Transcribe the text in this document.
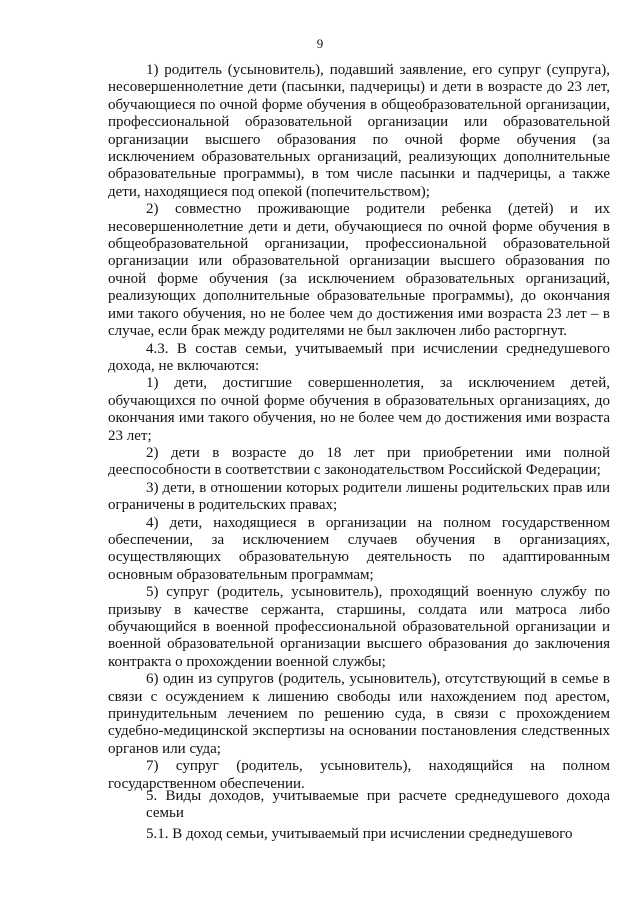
9

1) родитель (усыновитель), подавший заявление, его супруг (супруга), несовершеннолетние дети (пасынки, падчерицы) и дети в возрасте до 23 лет, обучающиеся по очной форме обучения в общеобразовательной организации, профессиональной образовательной организации или образовательной организации высшего образования по очной форме обучения (за исключением образовательных организаций, реализующих дополнительные образовательные программы), в том числе пасынки и падчерицы, а также дети, находящиеся под опекой (попечительством);

2) совместно проживающие родители ребенка (детей) и их несовершеннолетние дети и дети, обучающиеся по очной форме обучения в общеобразовательной организации, профессиональной образовательной организации или образовательной организации высшего образования по очной форме обучения (за исключением образовательных организаций, реализующих дополнительные образовательные программы), до окончания ими такого обучения, но не более чем до достижения ими возраста 23 лет – в случае, если брак между родителями не был заключен либо расторгнут.

4.3. В состав семьи, учитываемый при исчислении среднедушевого дохода, не включаются:

1) дети, достигшие совершеннолетия, за исключением детей, обучающихся по очной форме обучения в образовательных организациях, до окончания ими такого обучения, но не более чем до достижения ими возраста 23 лет;

2) дети в возрасте до 18 лет при приобретении ими полной дееспособности в соответствии с законодательством Российской Федерации;

3) дети, в отношении которых родители лишены родительских прав или ограничены в родительских правах;

4) дети, находящиеся в организации на полном государственном обеспечении, за исключением случаев обучения в организациях, осуществляющих образовательную деятельность по адаптированным основным образовательным программам;

5) супруг (родитель, усыновитель), проходящий военную службу по призыву в качестве сержанта, старшины, солдата или матроса либо обучающийся в военной профессиональной образовательной организации и военной образовательной организации высшего образования до заключения контракта о прохождении военной службы;

6) один из супругов (родитель, усыновитель), отсутствующий в семье в связи с осуждением к лишению свободы или нахождением под арестом, принудительным лечением по решению суда, в связи с прохождением судебно-медицинской экспертизы на основании постановления следственных органов или суда;

7) супруг (родитель, усыновитель), находящийся на полном государственном обеспечении.

5. Виды доходов, учитываемые при расчете среднедушевого дохода семьи

5.1. В доход семьи, учитываемый при исчислении среднедушевого
